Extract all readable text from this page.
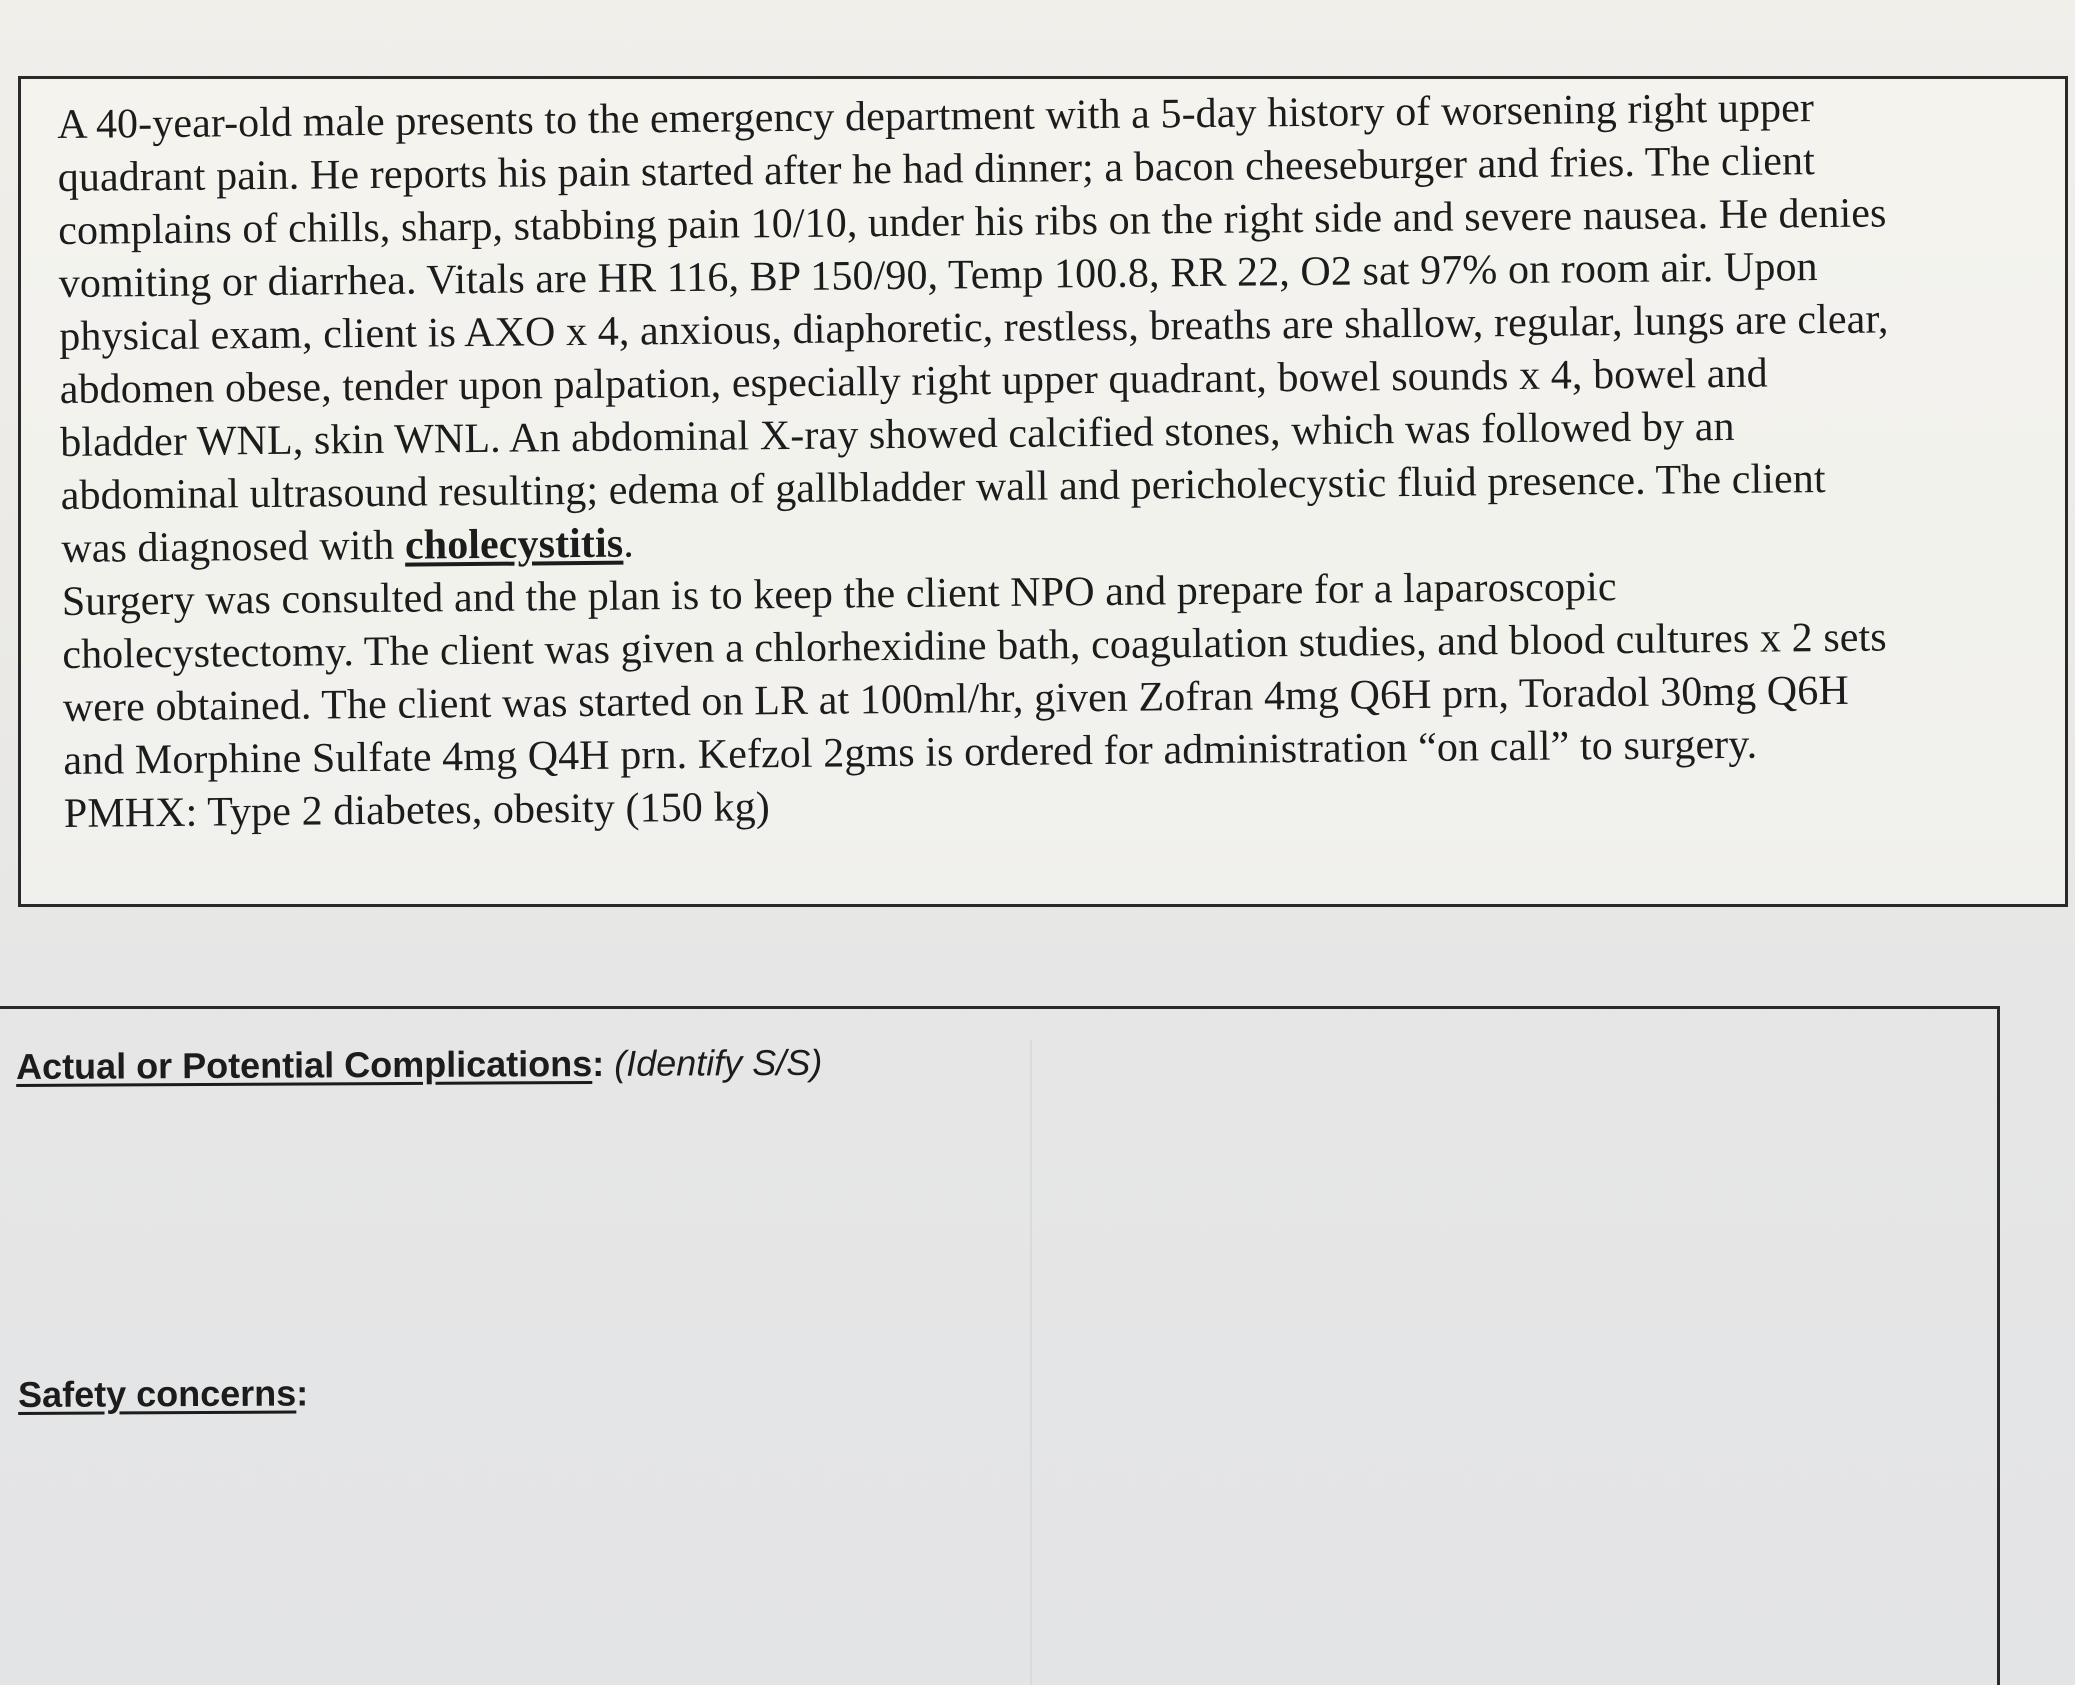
A 40-year-old male presents to the emergency department with a 5-day history of worsening right upper
quadrant pain. He reports his pain started after he had dinner; a bacon cheeseburger and fries. The client
complains of chills, sharp, stabbing pain 10/10, under his ribs on the right side and severe nausea. He denies
vomiting or diarrhea. Vitals are HR 116, BP 150/90, Temp 100.8, RR 22, O2 sat 97% on room air. Upon
physical exam, client is AXO x 4, anxious, diaphoretic, restless, breaths are shallow, regular, lungs are clear,
abdomen obese, tender upon palpation, especially right upper quadrant, bowel sounds x 4, bowel and
bladder WNL, skin WNL. An abdominal X-ray showed calcified stones, which was followed by an
abdominal ultrasound resulting; edema of gallbladder wall and pericholecystic fluid presence. The client
was diagnosed with cholecystitis.
Surgery was consulted and the plan is to keep the client NPO and prepare for a laparoscopic
cholecystectomy. The client was given a chlorhexidine bath, coagulation studies, and blood cultures x 2 sets
were obtained. The client was started on LR at 100ml/hr, given Zofran 4mg Q6H prn, Toradol 30mg Q6H
and Morphine Sulfate 4mg Q4H prn. Kefzol 2gms is ordered for administration “on call” to surgery.
PMHX: Type 2 diabetes, obesity (150 kg)
Actual or Potential Complications: (Identify S/S)
Safety concerns:
